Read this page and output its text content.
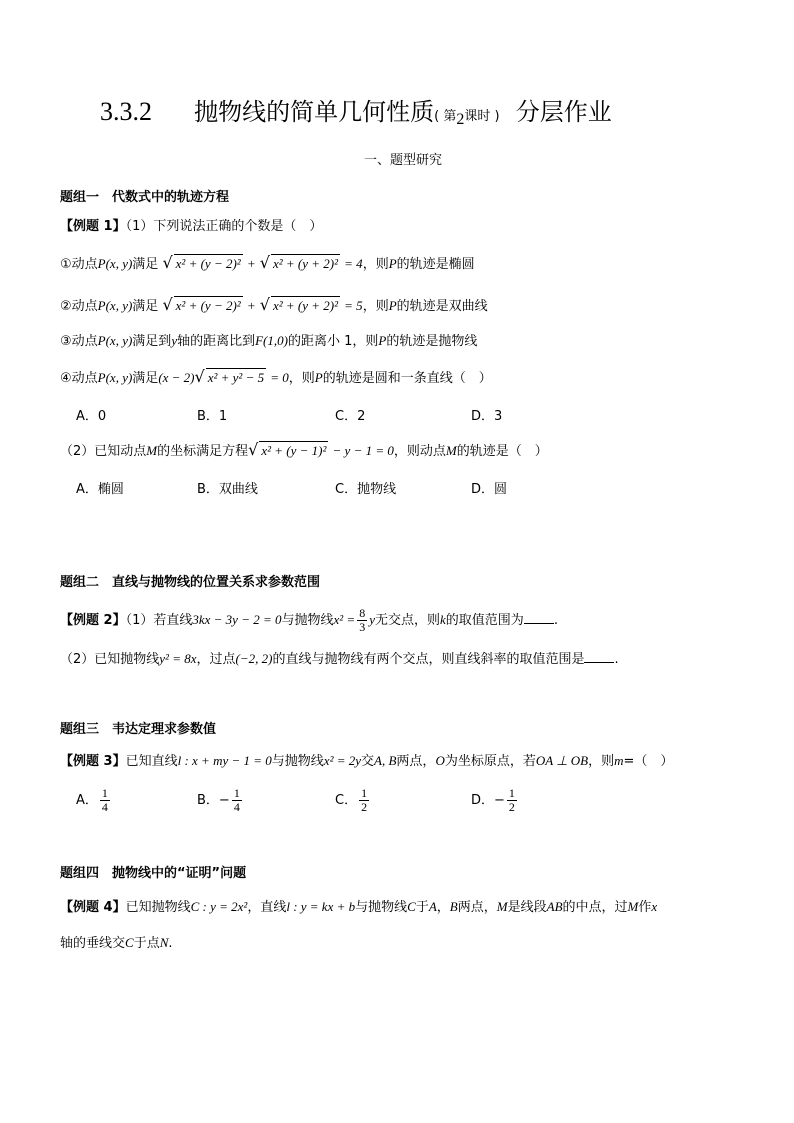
3.3.2 抛物线的简单几何性质( 第2课时 ) 分层作业
一、题型研究
题组一　代数式中的轨迹方程
【例题 1】（1）下列说法正确的个数是（　）
①动点P(x, y)满足 √ x² + (y − 2)² + √ x² + (y + 2)² = 4，则P的轨迹是椭圆
②动点P(x, y)满足 √ x² + (y − 2)² + √ x² + (y + 2)² = 5，则P的轨迹是双曲线
③动点P(x, y)满足到y轴的距离比到F(1,0)的距离小 1，则P的轨迹是抛物线
④动点P(x, y)满足(x − 2)√ x² + y² − 5 = 0，则P的轨迹是圆和一条直线（　）
A．0	B．1	C．2	D．3
（2）已知动点M的坐标满足方程√ x² + (y − 1)² − y − 1 = 0，则动点M的轨迹是（　）
A．椭圆	B．双曲线	C．抛物线	D．圆
题组二　直线与抛物线的位置关系求参数范围
【例题 2】（1）若直线3kx − 3y − 2 = 0与抛物线$x^2 = \frac{8}{3}$ y无交点，则k的取值范围为 .
（2）已知抛物线y² = 8x，过点(−2, 2)的直线与抛物线有两个交点，则直线斜率的取值范围是 .
题组三　韦达定理求参数值
【例题 3】已知直线l : x + my − 1 = 0与抛物线x² = 2y交A, B两点，O为坐标原点，若OA ⊥ OB，则m=（　）
A． $\frac{1}{4}$	B．− $\frac{1}{4}$	C． $\frac{1}{2}$	D．− $\frac{1}{2}$
题组四　抛物线中的“证明”问题
【例题 4】已知抛物线C : y = 2x²，直线l : y = kx + b与抛物线C于A，B两点，M是线段AB的中点，过M作x
轴的垂线交C于点N.
